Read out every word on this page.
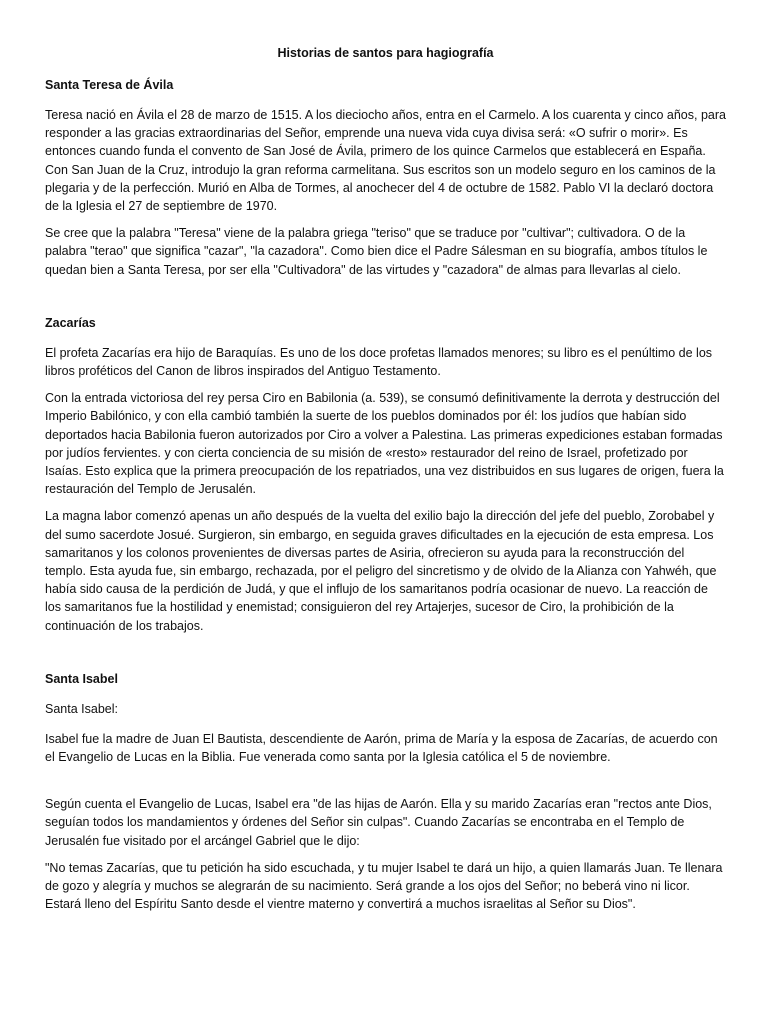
Historias de santos para hagiografía
Santa Teresa de Ávila

Teresa nació en Ávila el 28 de marzo de 1515. A los dieciocho años, entra en el Carmelo. A los cuarenta y cinco años, para responder a las gracias extraordinarias del Señor, emprende una nueva vida cuya divisa será: «O sufrir o morir». Es entonces cuando funda el convento de San José de Ávila, primero de los quince Carmelos que establecerá en España. Con San Juan de la Cruz, introdujo la gran reforma carmelitana. Sus escritos son un modelo seguro en los caminos de la plegaria y de la perfección. Murió en Alba de Tormes, al anochecer del 4 de octubre de 1582. Pablo VI la declaró doctora de la Iglesia el 27 de septiembre de 1970.

Se cree que la palabra "Teresa" viene de la palabra griega "teriso" que se traduce por "cultivar"; cultivadora. O de la palabra "terao" que significa "cazar", "la cazadora". Como bien dice el Padre Sálesman en su biografía, ambos títulos le quedan bien a Santa Teresa, por ser ella "Cultivadora" de las virtudes y "cazadora" de almas para llevarlas al cielo.

Zacarías

El profeta Zacarías era hijo de Baraquías. Es uno de los doce profetas llamados menores; su libro es el penúltimo de los libros proféticos del Canon de libros inspirados del Antiguo Testamento.

Con la entrada victoriosa del rey persa Ciro en Babilonia (a. 539), se consumó definitivamente la derrota y destrucción del Imperio Babilónico, y con ella cambió también la suerte de los pueblos dominados por él: los judíos que habían sido deportados hacia Babilonia fueron autorizados por Ciro a volver a Palestina. Las primeras expediciones estaban formadas por judíos fervientes. y con cierta conciencia de su misión de «resto» restaurador del reino de Israel, profetizado por Isaías. Esto explica que la primera preocupación de los repatriados, una vez distribuidos en sus lugares de origen, fuera la restauración del Templo de Jerusalén.

La magna labor comenzó apenas un año después de la vuelta del exilio bajo la dirección del jefe del pueblo, Zorobabel y del sumo sacerdote Josué. Surgieron, sin embargo, en seguida graves dificultades en la ejecución de esta empresa. Los samaritanos y los colonos provenientes de diversas partes de Asiria, ofrecieron su ayuda para la reconstrucción del templo. Esta ayuda fue, sin embargo, rechazada, por el peligro del sincretismo y de olvido de la Alianza con Yahwéh, que había sido causa de la perdición de Judá, y que el influjo de los samaritanos podría ocasionar de nuevo. La reacción de los samaritanos fue la hostilidad y enemistad; consiguieron del rey Artajerjes, sucesor de Ciro, la prohibición de la continuación de los trabajos.

Santa Isabel
Santa Isabel:

Isabel fue la madre de Juan El Bautista, descendiente de Aarón, prima de María y la esposa de Zacarías, de acuerdo con el Evangelio de Lucas en la Biblia. Fue venerada como santa por la Iglesia católica el 5 de noviembre.

Según cuenta el Evangelio de Lucas, Isabel era "de las hijas de Aarón. Ella y su marido Zacarías eran "rectos ante Dios, seguían todos los mandamientos y órdenes del Señor sin culpas". Cuando Zacarías se encontraba en el Templo de Jerusalén fue visitado por el arcángel Gabriel que le dijo:

"No temas Zacarías, que tu petición ha sido escuchada, y tu mujer Isabel te dará un hijo, a quien llamarás Juan. Te llenara de gozo y alegría y muchos se alegrarán de su nacimiento. Será grande a los ojos del Señor; no beberá vino ni licor. Estará lleno del Espíritu Santo desde el vientre materno y convertirá a muchos israelitas al Señor su Dios".
